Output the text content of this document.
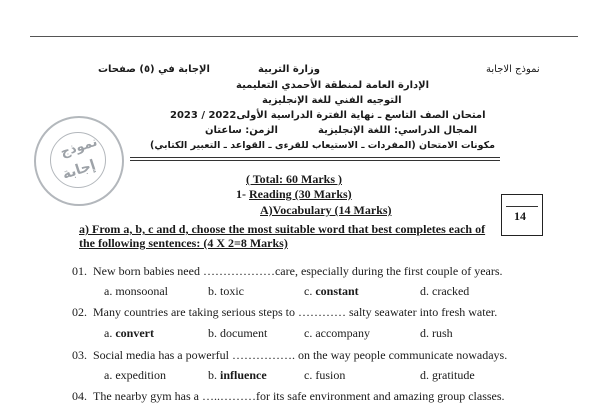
الإجابة في (٥) صفحات	وزارة التربية	نموذج الاجابة
الإدارة العامة لمنطقة الأحمدي التعليمية
التوجيه الفني للغة الإنجليزية
امتحان الصف التاسع ـ نهاية الفترة الدراسية الأولى2022 / 2023
المجال الدراسي: اللغة الإنجليزية
الزمن: ساعتان
مكونات الامتحان (المفردات ـ الاستيعاب للقرءى ـ القواعد ـ التعبير الكتابي)
نموذج
إجابة	( Total: 60 Marks )
1- Reading (30 Marks)
A)Vocabulary (14 Marks)	14
a) From a, b, c and d, choose the most suitable word that best completes each of
the following sentences: (4 X 2=8 Marks)
01. New born babies need ………………care, especially during the first couple of years.
a. monsoonal	b. toxic	c. constant	d. cracked
02. Many countries are taking serious steps to ………… salty seawater into fresh water.
a. convert	b. document	c. accompany	d. rush
03. Social media has a powerful ……………. on the way people communicate nowadays.
a. expedition	b. influence	c. fusion	d. gratitude
04. The nearby gym has a …..………for its safe environment and amazing group classes.
